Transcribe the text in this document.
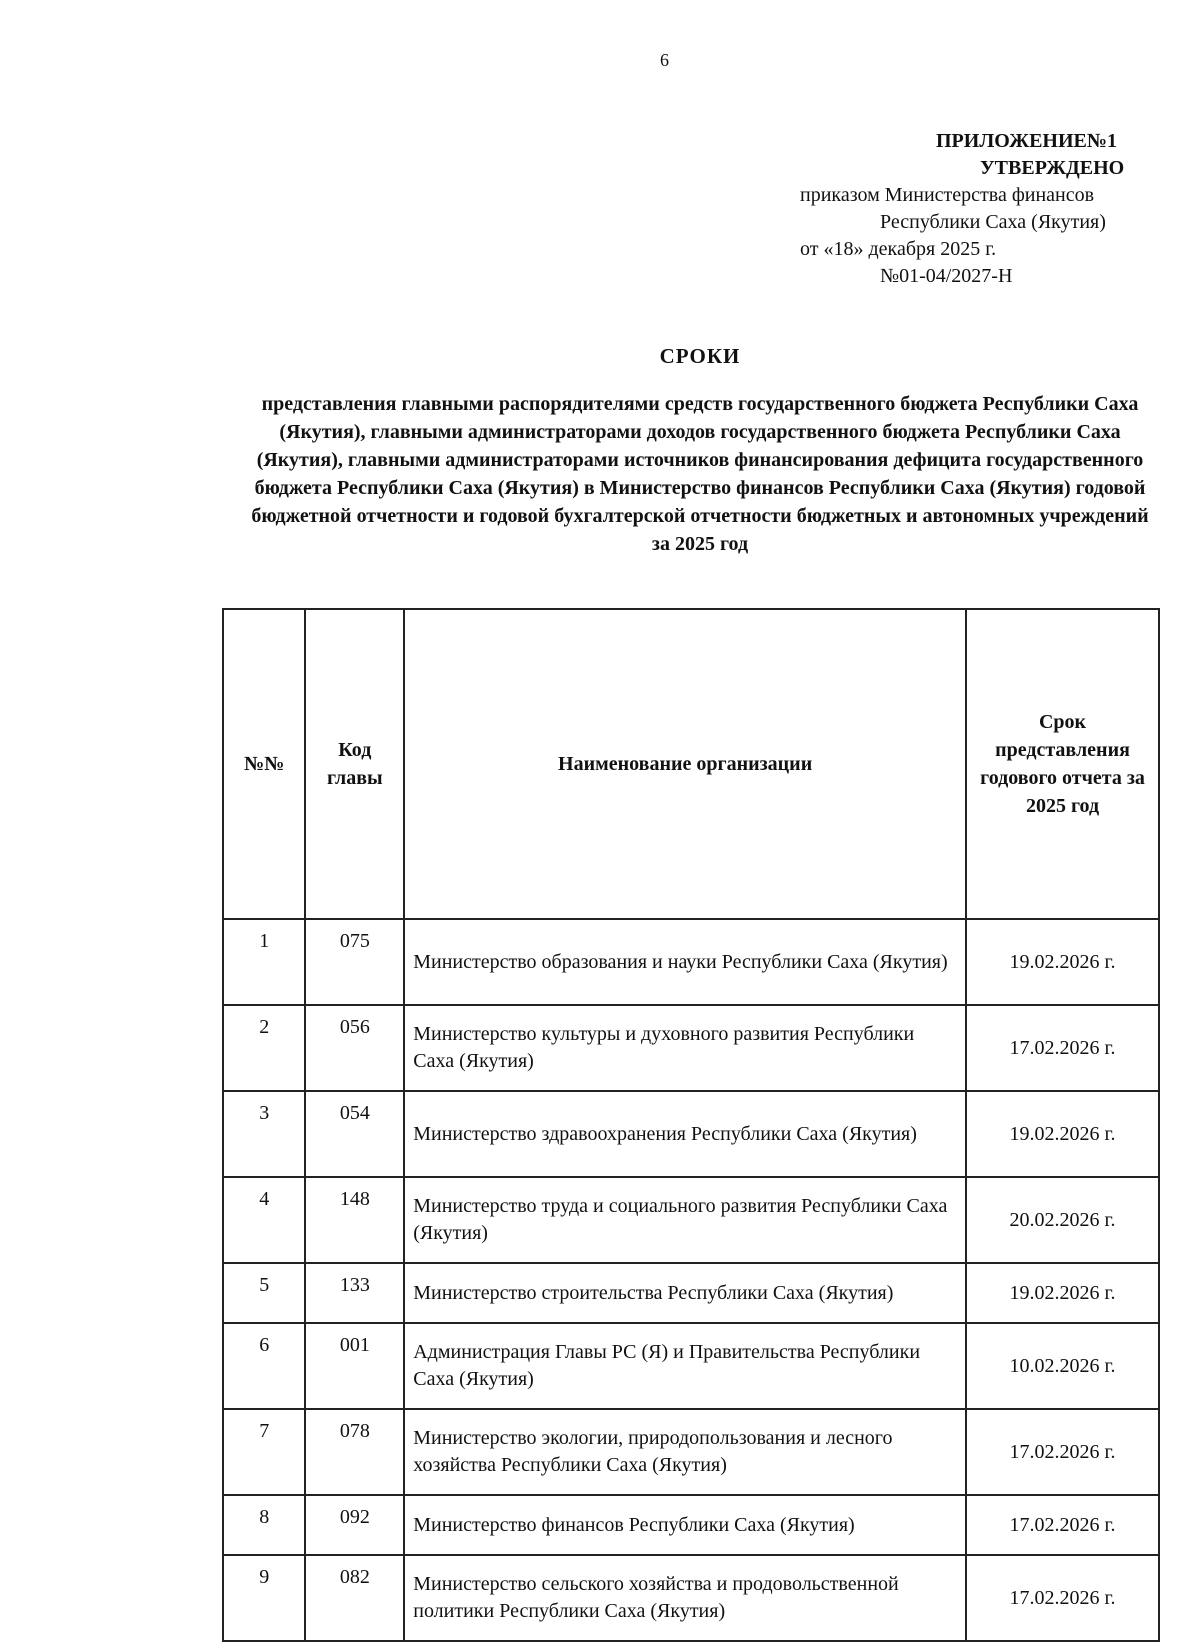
6
ПРИЛОЖЕНИЕ№1
УТВЕРЖДЕНО
приказом Министерства финансов
Республики Саха (Якутия)
от «18» декабря 2025 г.
№01-04/2027-Н
СРОКИ
представления главными распорядителями средств государственного бюджета Республики Саха (Якутия), главными администраторами доходов государственного бюджета Республики Саха (Якутия), главными администраторами источников финансирования дефицита государственного бюджета Республики Саха (Якутия) в Министерство финансов Республики Саха (Якутия) годовой бюджетной отчетности и годовой бухгалтерской отчетности бюджетных и автономных учреждений за 2025 год
№№	Код главы	Наименование организации	Срок представления годового отчета за 2025 год
1	075	Министерство образования и науки Республики Саха (Якутия)	19.02.2026 г.
2	056	Министерство культуры и духовного развития Республики Саха (Якутия)	17.02.2026 г.
3	054	Министерство здравоохранения Республики Саха (Якутия)	19.02.2026 г.
4	148	Министерство труда и социального развития Республики Саха (Якутия)	20.02.2026 г.
5	133	Министерство строительства Республики Саха (Якутия)	19.02.2026 г.
6	001	Администрация Главы РС (Я) и Правительства Республики Саха (Якутия)	10.02.2026 г.
7	078	Министерство экологии, природопользования и лесного хозяйства Республики Саха (Якутия)	17.02.2026 г.
8	092	Министерство финансов Республики Саха (Якутия)	17.02.2026 г.
9	082	Министерство сельского хозяйства и продовольственной политики Республики Саха (Якутия)	17.02.2026 г.
